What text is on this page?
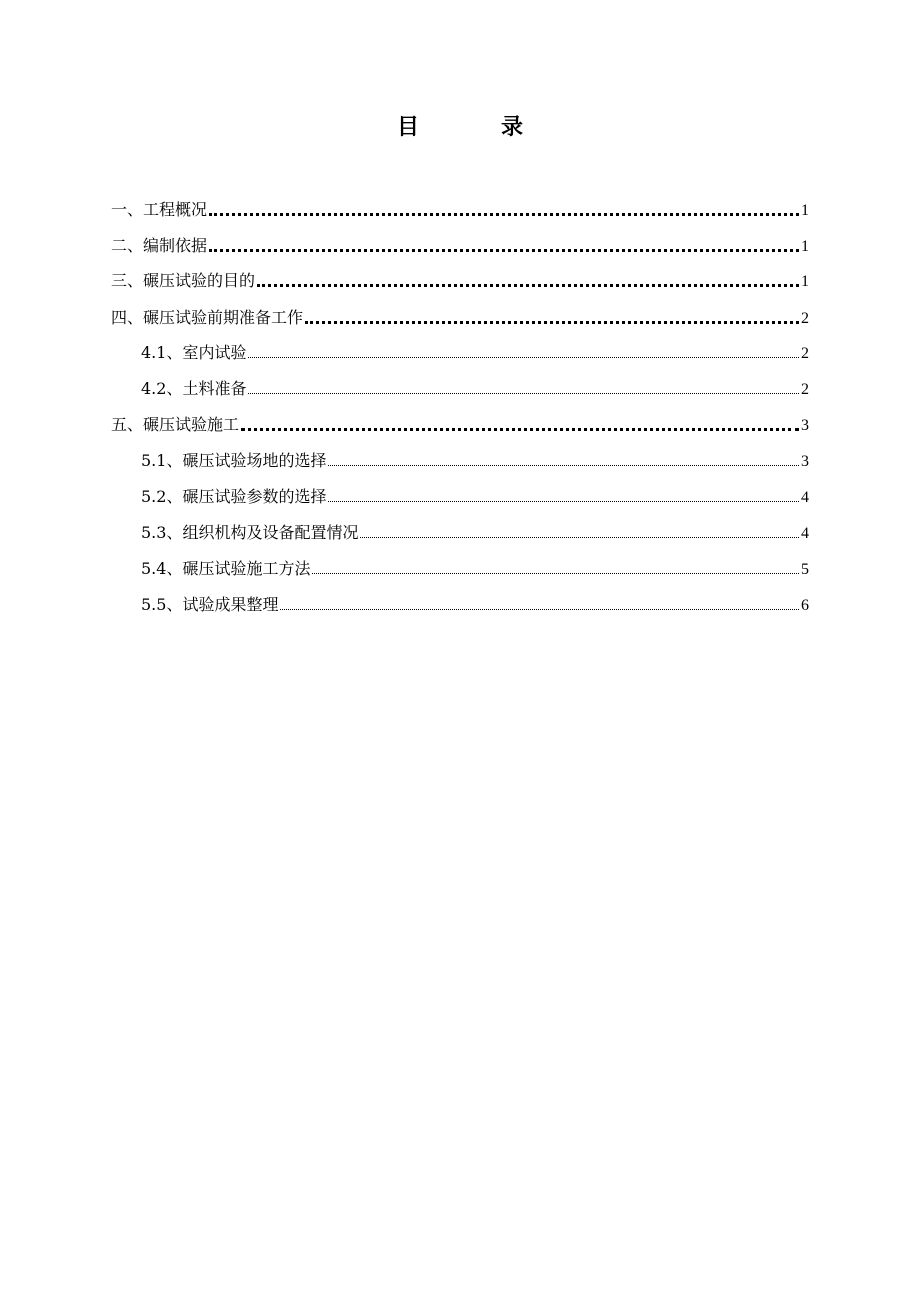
目　录
一、工程概况	1
二、编制依据	1
三、碾压试验的目的	1
四、碾压试验前期准备工作	2
4.1、室内试验	2
4.2、土料准备	2
五、碾压试验施工	3
5.1、碾压试验场地的选择	3
5.2、碾压试验参数的选择	4
5.3、组织机构及设备配置情况	4
5.4、碾压试验施工方法	5
5.5、试验成果整理	6
